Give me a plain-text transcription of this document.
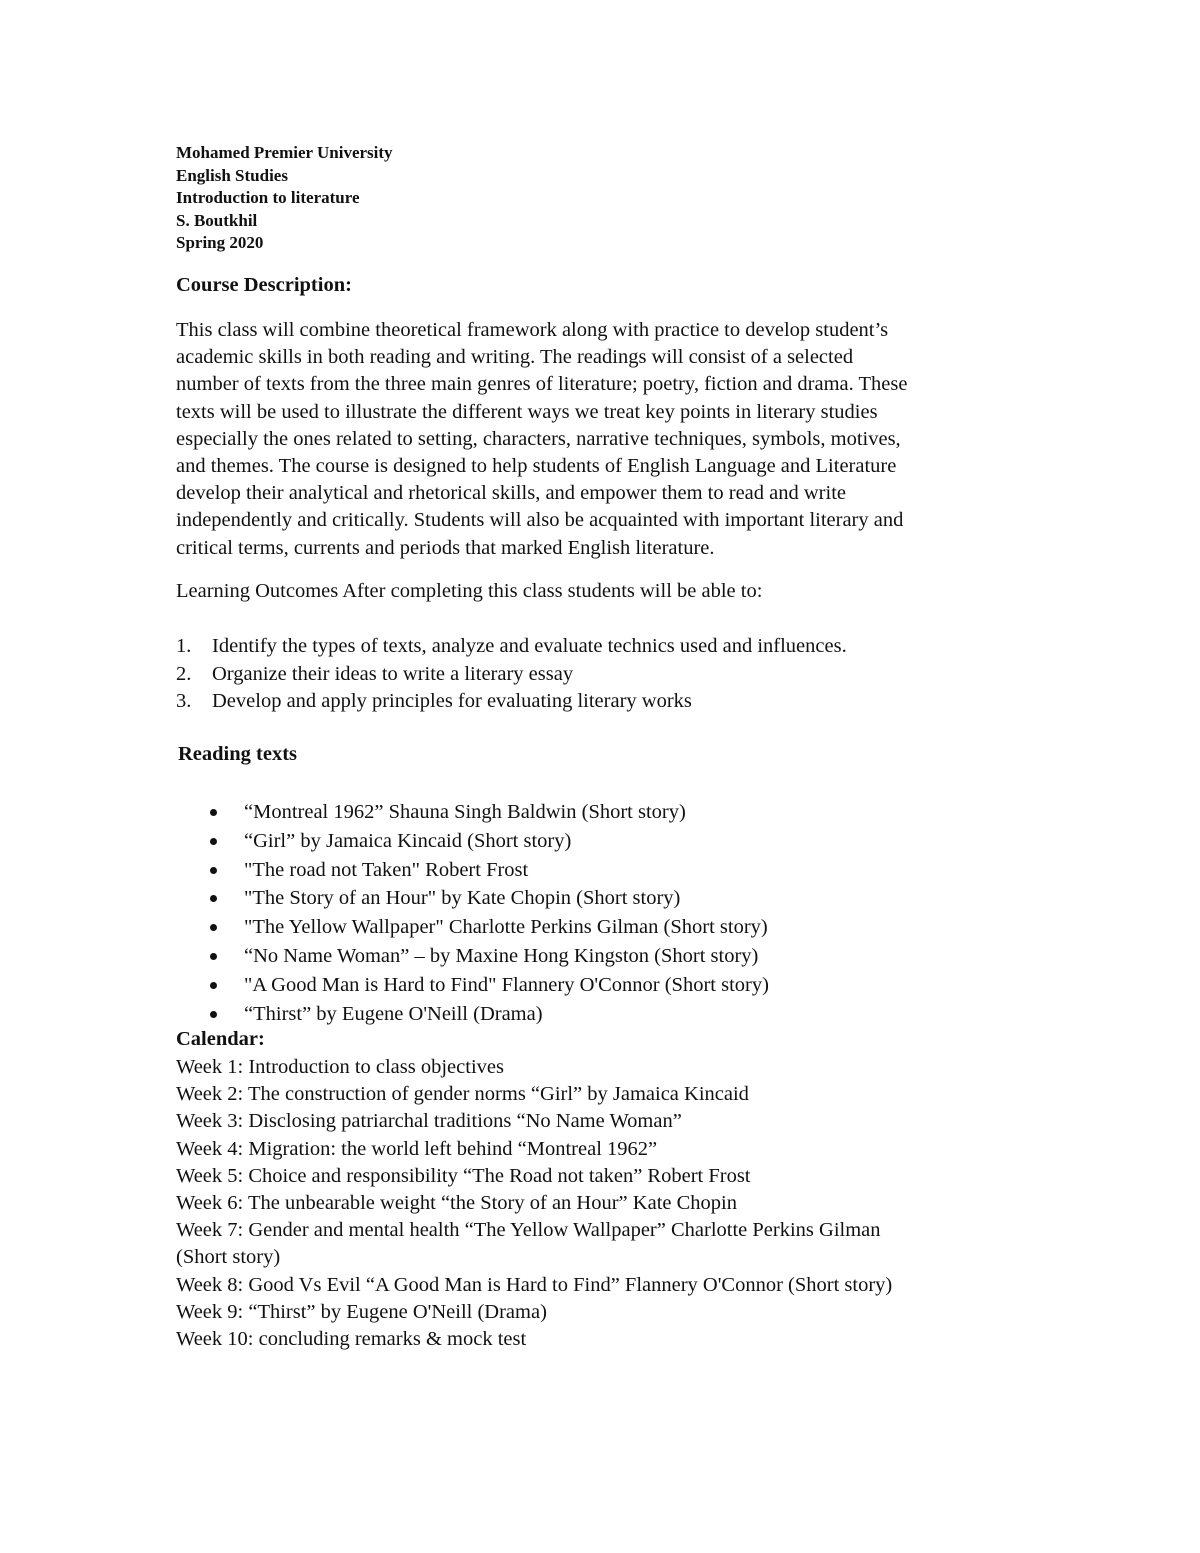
Mohamed Premier University
English Studies
Introduction to literature
S. Boutkhil
Spring 2020
Course Description:
This class will combine theoretical framework along with practice to develop student’s
academic skills in both reading and writing. The readings will consist of a selected
number of texts from the three main genres of literature; poetry, fiction and drama. These
texts will be used to illustrate the different ways we treat key points in literary studies
especially the ones related to setting, characters, narrative techniques, symbols, motives,
and themes. The course is designed to help students of English Language and Literature
develop their analytical and rhetorical skills, and empower them to read and write
independently and critically. Students will also be acquainted with important literary and
critical terms, currents and periods that marked English literature.
Learning Outcomes After completing this class students will be able to:
1.	Identify the types of texts, analyze and evaluate technics used and influences.
2.	Organize their ideas to write a literary essay
3.	Develop and apply principles for evaluating literary works
Reading texts
“Montreal 1962” Shauna Singh Baldwin (Short story)
“Girl” by Jamaica Kincaid (Short story)
"The road not Taken" Robert Frost
"The Story of an Hour" by Kate Chopin (Short story)
"The Yellow Wallpaper" Charlotte Perkins Gilman (Short story)
“No Name Woman” – by Maxine Hong Kingston (Short story)
"A Good Man is Hard to Find" Flannery O'Connor (Short story)
“Thirst” by Eugene O'Neill (Drama)
Calendar:
Week 1: Introduction to class objectives
Week 2: The construction of gender norms “Girl” by Jamaica Kincaid
Week 3: Disclosing patriarchal traditions “No Name Woman”
Week 4: Migration: the world left behind “Montreal 1962”
Week 5: Choice and responsibility “The Road not taken” Robert Frost
Week 6: The unbearable weight “the Story of an Hour” Kate Chopin
Week 7: Gender and mental health “The Yellow Wallpaper” Charlotte Perkins Gilman
(Short story)
Week 8: Good Vs Evil “A Good Man is Hard to Find” Flannery O'Connor (Short story)
Week 9: “Thirst” by Eugene O'Neill (Drama)
Week 10: concluding remarks & mock test
